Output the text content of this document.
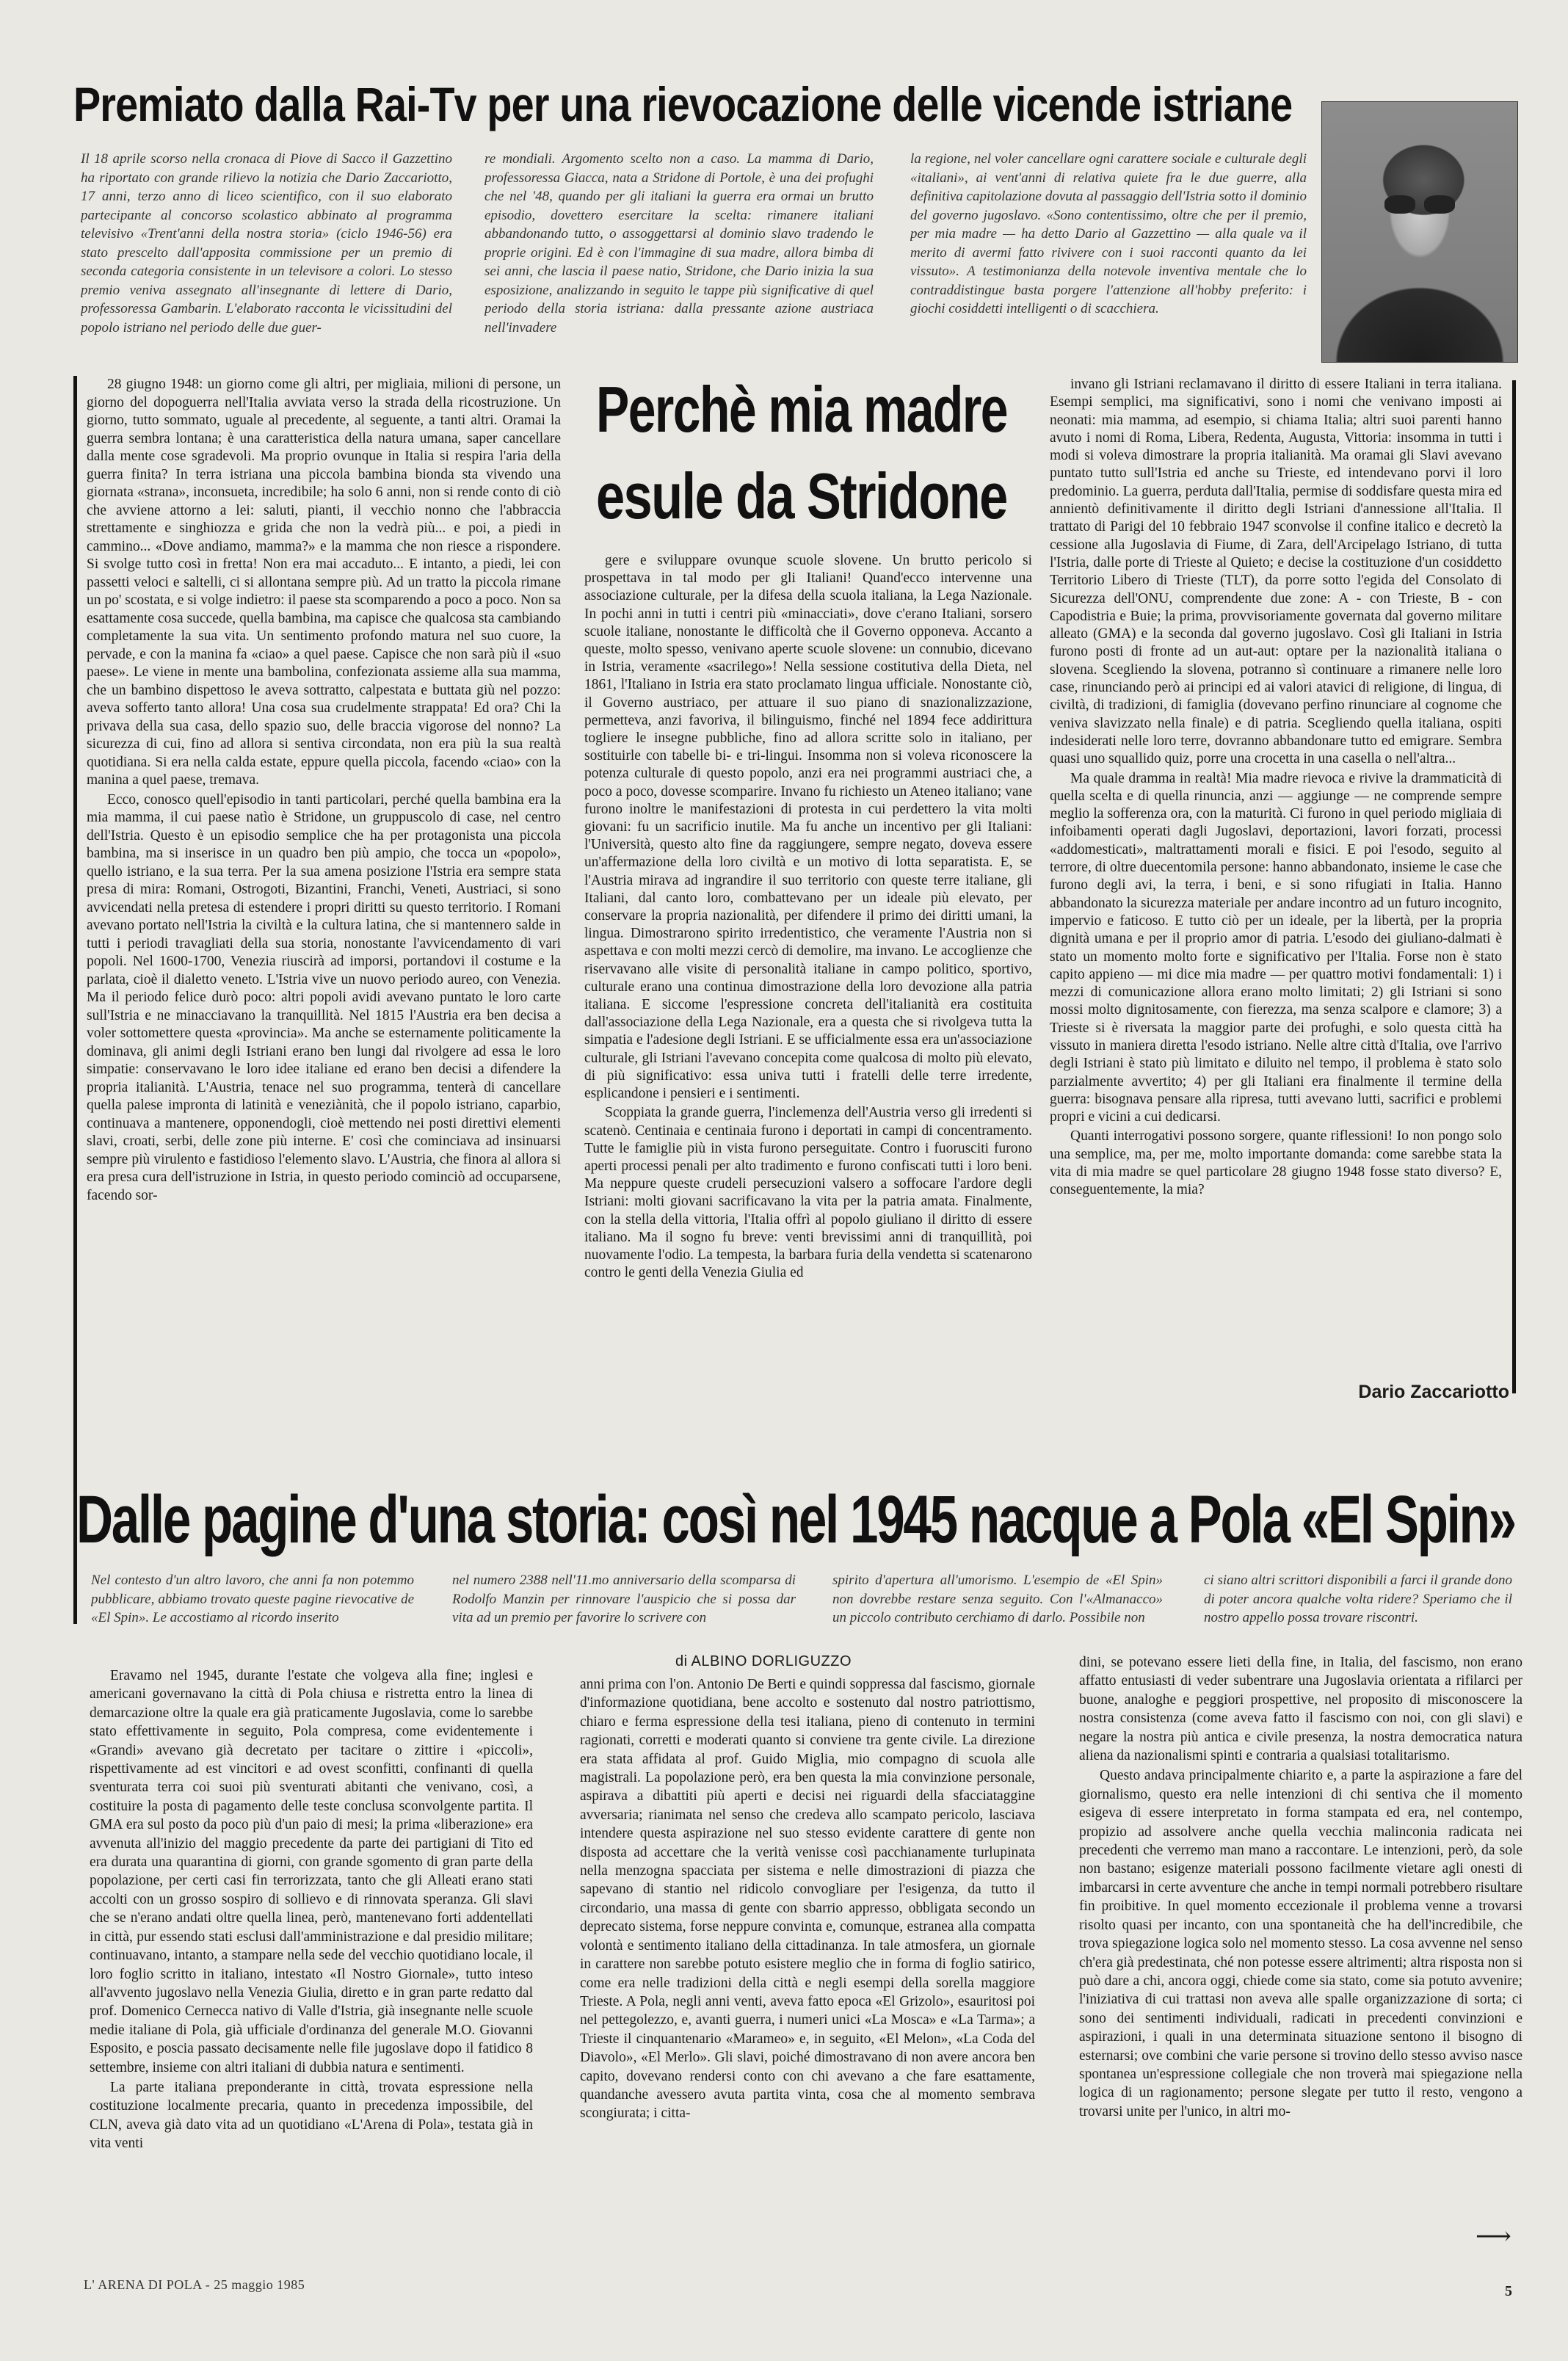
Premiato dalla Rai-Tv per una rievocazione delle vicende istriane
Il 18 aprile scorso nella cronaca di Piove di Sacco il Gazzettino ha riportato con grande rilievo la notizia che Dario Zaccariotto, 17 anni, terzo anno di liceo scientifico, con il suo elaborato partecipante al concorso scolastico abbinato al programma televisivo «Trent'anni della nostra storia» (ciclo 1946-56) era stato prescelto dall'apposita commissione per un premio di seconda categoria consistente in un televisore a colori. Lo stesso premio veniva assegnato all'insegnante di lettere di Dario, professoressa Gambarin. L'elaborato racconta le vicissitudini del popolo istriano nel periodo delle due guer-
re mondiali. Argomento scelto non a caso. La mamma di Dario, professoressa Giacca, nata a Stridone di Portole, è una dei profughi che nel '48, quando per gli italiani la guerra era ormai un brutto episodio, dovettero esercitare la scelta: rimanere italiani abbandonando tutto, o assoggettarsi al dominio slavo tradendo le proprie origini. Ed è con l'immagine di sua madre, allora bimba di sei anni, che lascia il paese natio, Stridone, che Dario inizia la sua esposizione, analizzando in seguito le tappe più significative di quel periodo della storia istriana: dalla pressante azione austriaca nell'invadere
la regione, nel voler cancellare ogni carattere sociale e culturale degli «italiani», ai vent'anni di relativa quiete fra le due guerre, alla definitiva capitolazione dovuta al passaggio dell'Istria sotto il dominio del governo jugoslavo. «Sono contentissimo, oltre che per il premio, per mia madre — ha detto Dario al Gazzettino — alla quale va il merito di avermi fatto rivivere con i suoi racconti quanto da lei vissuto». A testimonianza della notevole inventiva mentale che lo contraddistingue basta porgere l'attenzione all'hobby preferito: i giochi cosiddetti intelligenti o di scacchiera.
Perchè mia madre
esule da Stridone

28 giugno 1948: un giorno come gli altri, per migliaia, milioni di persone, un giorno del dopoguerra nell'Italia avviata verso la strada della ricostruzione. Un giorno, tutto sommato, uguale al precedente, al seguente, a tanti altri. Oramai la guerra sembra lontana; è una caratteristica della natura umana, saper cancellare dalla mente cose sgradevoli. Ma proprio ovunque in Italia si respira l'aria della guerra finita? In terra istriana una piccola bambina bionda sta vivendo una giornata «strana», inconsueta, incredibile; ha solo 6 anni, non si rende conto di ciò che avviene attorno a lei: saluti, pianti, il vecchio nonno che l'abbraccia strettamente e singhiozza e grida che non la vedrà più... e poi, a piedi in cammino... «Dove andiamo, mamma?» e la mamma che non riesce a rispondere. Si svolge tutto così in fretta! Non era mai accaduto... E intanto, a piedi, lei con passetti veloci e saltelli, ci si allontana sempre più. Ad un tratto la piccola rimane un po' scostata, e si volge indietro: il paese sta scomparendo a poco a poco. Non sa esattamente cosa succede, quella bambina, ma capisce che qualcosa sta cambiando completamente la sua vita. Un sentimento profondo matura nel suo cuore, la pervade, e con la manina fa «ciao» a quel paese. Capisce che non sarà più il «suo paese». Le viene in mente una bambolina, confezionata assieme alla sua mamma, che un bambino dispettoso le aveva sottratto, calpestata e buttata giù nel pozzo: aveva sofferto tanto allora! Una cosa sua crudelmente strappata! Ed ora? Chi la privava della sua casa, dello spazio suo, delle braccia vigorose del nonno? La sicurezza di cui, fino ad allora si sentiva circondata, non era più la sua realtà quotidiana. Si era nella calda estate, eppure quella piccola, facendo «ciao» con la manina a quel paese, tremava.

Ecco, conosco quell'episodio in tanti particolari, perché quella bambina era la mia mamma, il cui paese natìo è Stridone, un gruppuscolo di case, nel centro dell'Istria. Questo è un episodio semplice che ha per protagonista una piccola bambina, ma si inserisce in un quadro ben più ampio, che tocca un «popolo», quello istriano, e la sua terra. Per la sua amena posizione l'Istria era sempre stata presa di mira: Romani, Ostrogoti, Bizantini, Franchi, Veneti, Austriaci, si sono avvicendati nella pretesa di estendere i propri diritti su questo territorio. I Romani avevano portato nell'Istria la civiltà e la cultura latina, che si mantennero salde in tutti i periodi travagliati della sua storia, nonostante l'avvicendamento di vari popoli. Nel 1600-1700, Venezia riuscirà ad imporsi, portandovi il costume e la parlata, cioè il dialetto veneto. L'Istria vive un nuovo periodo aureo, con Venezia. Ma il periodo felice durò poco: altri popoli avidi avevano puntato le loro carte sull'Istria e ne minacciavano la tranquillità. Nel 1815 l'Austria era ben decisa a voler sottomettere questa «provincia». Ma anche se esternamente politicamente la dominava, gli animi degli Istriani erano ben lungi dal rivolgere ad essa le loro simpatie: conservavano le loro idee italiane ed erano ben decisi a difendere la propria italianità. L'Austria, tenace nel suo programma, tenterà di cancellare quella palese impronta di latinità e veneziànità, che il popolo istriano, caparbio, continuava a mantenere, opponendogli, cioè mettendo nei posti direttivi elementi slavi, croati, serbi, delle zone più interne. E' così che cominciava ad insinuarsi sempre più virulento e fastidioso l'elemento slavo. L'Austria, che finora al allora si era presa cura dell'istruzione in Istria, in questo periodo cominciò ad occuparsene, facendo sor-

gere e sviluppare ovunque scuole slovene. Un brutto pericolo si prospettava in tal modo per gli Italiani! Quand'ecco intervenne una associazione culturale, per la difesa della scuola italiana, la Lega Nazionale. In pochi anni in tutti i centri più «minacciati», dove c'erano Italiani, sorsero scuole italiane, nonostante le difficoltà che il Governo opponeva. Accanto a queste, molto spesso, venivano aperte scuole slovene: un connubio, dicevano in Istria, veramente «sacrilego»! Nella sessione costitutiva della Dieta, nel 1861, l'Italiano in Istria era stato proclamato lingua ufficiale. Nonostante ciò, il Governo austriaco, per attuare il suo piano di snazionalizzazione, permetteva, anzi favoriva, il bilinguismo, finché nel 1894 fece addirittura togliere le insegne pubbliche, fino ad allora scritte solo in italiano, per sostituirle con tabelle bi- e tri-lingui. Insomma non si voleva riconoscere la potenza culturale di questo popolo, anzi era nei programmi austriaci che, a poco a poco, dovesse scomparire. Invano fu richiesto un Ateneo italiano; vane furono inoltre le manifestazioni di protesta in cui perdettero la vita molti giovani: fu un sacrificio inutile. Ma fu anche un incentivo per gli Italiani: l'Università, questo alto fine da raggiungere, sempre negato, doveva essere un'affermazione della loro civiltà e un motivo di lotta separatista. E, se l'Austria mirava ad ingrandire il suo territorio con queste terre italiane, gli Italiani, dal canto loro, combattevano per un ideale più elevato, per conservare la propria nazionalità, per difendere il primo dei diritti umani, la lingua. Dimostrarono spirito irredentistico, che veramente l'Austria non si aspettava e con molti mezzi cercò di demolire, ma invano. Le accoglienze che riservavano alle visite di personalità italiane in campo politico, sportivo, culturale erano una continua dimostrazione della loro devozione alla patria italiana. E siccome l'espressione concreta dell'italianità era costituita dall'associazione della Lega Nazionale, era a questa che si rivolgeva tutta la simpatia e l'adesione degli Istriani. E se ufficialmente essa era un'associazione culturale, gli Istriani l'avevano concepita come qualcosa di molto più elevato, di più significativo: essa univa tutti i fratelli delle terre irredente, esplicandone i pensieri e i sentimenti.

Scoppiata la grande guerra, l'inclemenza dell'Austria verso gli irredenti si scatenò. Centinaia e centinaia furono i deportati in campi di concentramento. Tutte le famiglie più in vista furono perseguitate. Contro i fuorusciti furono aperti processi penali per alto tradimento e furono confiscati tutti i loro beni. Ma neppure queste crudeli persecuzioni valsero a soffocare l'ardore degli Istriani: molti giovani sacrificavano la vita per la patria amata. Finalmente, con la stella della vittoria, l'Italia offrì al popolo giuliano il diritto di essere italiano. Ma il sogno fu breve: venti brevissimi anni di tranquillità, poi nuovamente l'odio. La tempesta, la barbara furia della vendetta si scatenarono contro le genti della Venezia Giulia ed

invano gli Istriani reclamavano il diritto di essere Italiani in terra italiana. Esempi semplici, ma significativi, sono i nomi che venivano imposti ai neonati: mia mamma, ad esempio, si chiama Italia; altri suoi parenti hanno avuto i nomi di Roma, Libera, Redenta, Augusta, Vittoria: insomma in tutti i modi si voleva dimostrare la propria italianità. Ma oramai gli Slavi avevano puntato tutto sull'Istria ed anche su Trieste, ed intendevano porvi il loro predominio. La guerra, perduta dall'Italia, permise di soddisfare questa mira ed annientò definitivamente il diritto degli Istriani d'annessione all'Italia. Il trattato di Parigi del 10 febbraio 1947 sconvolse il confine italico e decretò la cessione alla Jugoslavia di Fiume, di Zara, dell'Arcipelago Istriano, di tutta l'Istria, dalle porte di Trieste al Quieto; e decise la costituzione d'un cosiddetto Territorio Libero di Trieste (TLT), da porre sotto l'egida del Consolato di Sicurezza dell'ONU, comprendente due zone: A - con Trieste, B - con Capodistria e Buie; la prima, provvisoriamente governata dal governo militare alleato (GMA) e la seconda dal governo jugoslavo. Così gli Italiani in Istria furono posti di fronte ad un aut-aut: optare per la nazionalità italiana o slovena. Scegliendo la slovena, potranno sì continuare a rimanere nelle loro case, rinunciando però ai principi ed ai valori atavici di religione, di lingua, di civiltà, di tradizioni, di famiglia (dovevano perfino rinunciare al cognome che veniva slavizzato nella finale) e di patria. Scegliendo quella italiana, ospiti indesiderati nelle loro terre, dovranno abbandonare tutto ed emigrare. Sembra quasi uno squallido quiz, porre una crocetta in una casella o nell'altra...

Ma quale dramma in realtà! Mia madre rievoca e rivive la drammaticità di quella scelta e di quella rinuncia, anzi — aggiunge — ne comprende sempre meglio la sofferenza ora, con la maturità. Ci furono in quel periodo migliaia di infoibamenti operati dagli Jugoslavi, deportazioni, lavori forzati, processi «addomesticati», maltrattamenti morali e fisici. E poi l'esodo, seguito al terrore, di oltre duecentomila persone: hanno abbandonato, insieme le case che furono degli avi, la terra, i beni, e si sono rifugiati in Italia. Hanno abbandonato la sicurezza materiale per andare incontro ad un futuro incognito, impervio e faticoso. E tutto ciò per un ideale, per la libertà, per la propria dignità umana e per il proprio amor di patria. L'esodo dei giuliano-dalmati è stato un momento molto forte e significativo per l'Italia. Forse non è stato capito appieno — mi dice mia madre — per quattro motivi fondamentali: 1) i mezzi di comunicazione allora erano molto limitati; 2) gli Istriani si sono mossi molto dignitosamente, con fierezza, ma senza scalpore e clamore; 3) a Trieste si è riversata la maggior parte dei profughi, e solo questa città ha vissuto in maniera diretta l'esodo istriano. Nelle altre città d'Italia, ove l'arrivo degli Istriani è stato più limitato e diluito nel tempo, il problema è stato solo parzialmente avvertito; 4) per gli Italiani era finalmente il termine della guerra: bisognava pensare alla ripresa, tutti avevano lutti, sacrifici e problemi propri e vicini a cui dedicarsi.

Quanti interrogativi possono sorgere, quante riflessioni! Io non pongo solo una semplice, ma, per me, molto importante domanda: come sarebbe stata la vita di mia madre se quel particolare 28 giugno 1948 fosse stato diverso? E, conseguentemente, la mia?

Dario Zaccariotto
Dalle pagine d'una storia: così nel 1945 nacque a Pola «El Spin»
Nel contesto d'un altro lavoro, che anni fa non potemmo pubblicare, abbiamo trovato queste pagine rievocative de «El Spin». Le accostiamo al ricordo inserito
nel numero 2388 nell'11.mo anniversario della scomparsa di Rodolfo Manzin per rinnovare l'auspicio che si possa dar vita ad un premio per favorire lo scrivere con
spirito d'apertura all'umorismo. L'esempio de «El Spin» non dovrebbe restare senza seguito. Con l'«Almanacco» un piccolo contributo cerchiamo di darlo. Possibile non
ci siano altri scrittori disponibili a farci il grande dono di poter ancora qualche volta ridere? Speriamo che il nostro appello possa trovare riscontri.
di ALBINO DORLIGUZZO

Eravamo nel 1945, durante l'estate che volgeva alla fine; inglesi e americani governavano la città di Pola chiusa e ristretta entro la linea di demarcazione oltre la quale era già praticamente Jugoslavia, come lo sarebbe stato effettivamente in seguito, Pola compresa, come evidentemente i «Grandi» avevano già decretato per tacitare o zittire i «piccoli», rispettivamente ad est vincitori e ad ovest sconfitti, confinanti di quella sventurata terra coi suoi più sventurati abitanti che venivano, così, a costituire la posta di pagamento delle teste conclusa sconvolgente partita. Il GMA era sul posto da poco più d'un paio di mesi; la prima «liberazione» era avvenuta all'inizio del maggio precedente da parte dei partigiani di Tito ed era durata una quarantina di giorni, con grande sgomento di gran parte della popolazione, per certi casi fin terrorizzata, tanto che gli Alleati erano stati accolti con un grosso sospiro di sollievo e di rinnovata speranza. Gli slavi che se n'erano andati oltre quella linea, però, mantenevano forti addentellati in città, pur essendo stati esclusi dall'amministrazione e dal presidio militare; continuavano, intanto, a stampare nella sede del vecchio quotidiano locale, il loro foglio scritto in italiano, intestato «Il Nostro Giornale», tutto inteso all'avvento jugoslavo nella Venezia Giulia, diretto e in gran parte redatto dal prof. Domenico Cernecca nativo di Valle d'Istria, già insegnante nelle scuole medie italiane di Pola, già ufficiale d'ordinanza del generale M.O. Giovanni Esposito, e poscia passato decisamente nelle file jugoslave dopo il fatidico 8 settembre, insieme con altri italiani di dubbia natura e sentimenti.

La parte italiana preponderante in città, trovata espressione nella costituzione localmente precaria, quanto in precedenza impossibile, del CLN, aveva già dato vita ad un quotidiano «L'Arena di Pola», testata già in vita venti

anni prima con l'on. Antonio De Berti e quindi soppressa dal fascismo, giornale d'informazione quotidiana, bene accolto e sostenuto dal nostro patriottismo, chiaro e ferma espressione della tesi italiana, pieno di contenuto in termini ragionati, corretti e moderati quanto si conviene tra gente civile. La direzione era stata affidata al prof. Guido Miglia, mio compagno di scuola alle magistrali. La popolazione però, era ben questa la mia convinzione personale, aspirava a dibattiti più aperti e decisi nei riguardi della sfacciataggine avversaria; rianimata nel senso che credeva allo scampato pericolo, lasciava intendere questa aspirazione nel suo stesso evidente carattere di gente non disposta ad accettare che la verità venisse così pacchianamente turlupinata nella menzogna spacciata per sistema e nelle dimostrazioni di piazza che sapevano di stantio nel ridicolo convogliare per l'esigenza, da tutto il circondario, una massa di gente con sbarrio appresso, obbligata secondo un deprecato sistema, forse neppure convinta e, comunque, estranea alla compatta volontà e sentimento italiano della cittadinanza. In tale atmosfera, un giornale in carattere non sarebbe potuto esistere meglio che in forma di foglio satirico, come era nelle tradizioni della città e negli esempi della sorella maggiore Trieste. A Pola, negli anni venti, aveva fatto epoca «El Grizolo», esauritosi poi nel pettegolezzo, e, avanti guerra, i numeri unici «La Mosca» e «La Tarma»; a Trieste il cinquantenario «Marameo» e, in seguito, «El Melon», «La Coda del Diavolo», «El Merlo». Gli slavi, poiché dimostravano di non avere ancora ben capito, dovevano rendersi conto con chi avevano a che fare esattamente, quandanche avessero avuta partita vinta, cosa che al momento sembrava scongiurata; i citta-

dini, se potevano essere lieti della fine, in Italia, del fascismo, non erano affatto entusiasti di veder subentrare una Jugoslavia orientata a rifilarci per buone, analoghe e peggiori prospettive, nel proposito di misconoscere la nostra consistenza (come aveva fatto il fascismo con noi, con gli slavi) e negare la nostra più antica e civile presenza, la nostra democratica natura aliena da nazionalismi spinti e contraria a qualsiasi totalitarismo.

Questo andava principalmente chiarito e, a parte la aspirazione a fare del giornalismo, questo era nelle intenzioni di chi sentiva che il momento esigeva di essere interpretato in forma stampata ed era, nel contempo, propizio ad assolvere anche quella vecchia malinconia radicata nei precedenti che verremo man mano a raccontare. Le intenzioni, però, da sole non bastano; esigenze materiali possono facilmente vietare agli onesti di imbarcarsi in certe avventure che anche in tempi normali potrebbero risultare fin proibitive. In quel momento eccezionale il problema venne a trovarsi risolto quasi per incanto, con una spontaneità che ha dell'incredibile, che trova spiegazione logica solo nel momento stesso. La cosa avvenne nel senso ch'era già predestinata, ché non potesse essere altrimenti; altra risposta non si può dare a chi, ancora oggi, chiede come sia stato, come sia potuto avvenire; l'iniziativa di cui trattasi non aveva alle spalle organizzazione di sorta; ci sono dei sentimenti individuali, radicati in precedenti convinzioni e aspirazioni, i quali in una determinata situazione sentono il bisogno di esternarsi; ove combini che varie persone si trovino dello stesso avviso nasce spontanea un'espressione collegiale che non troverà mai spiegazione nella logica di un ragionamento; persone slegate per tutto il resto, vengono a trovarsi unite per l'unico, in altri mo-

⟶
L' ARENA DI POLA - 25 maggio 1985	5
